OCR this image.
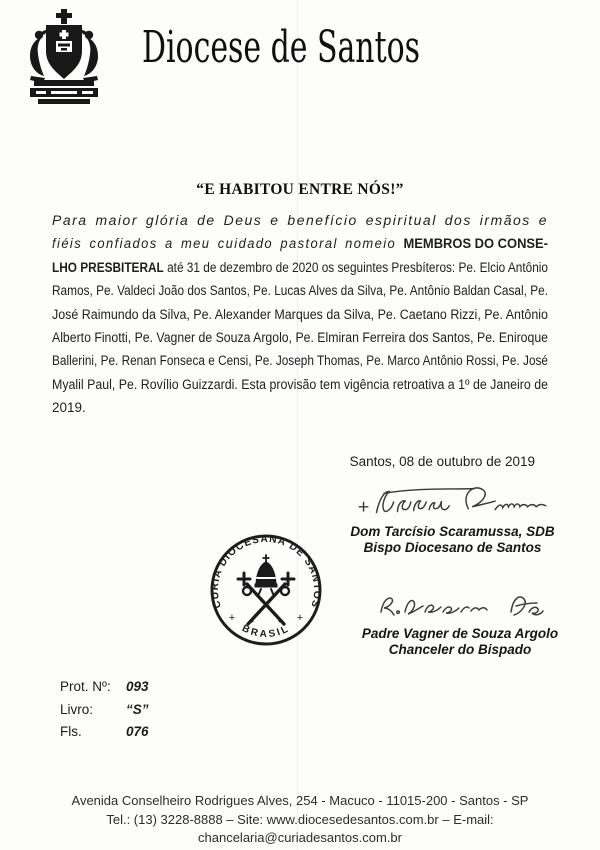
Diocese de Santos
“E HABITOU ENTRE NÓS!”
Para maior glória de Deus e benefício espiritual dos irmãos e
fiéis confiados a meu cuidado pastoral nomeio MEMBROS DO CONSE-
LHO PRESBITERAL até 31 de dezembro de 2020 os seguintes Presbíteros: Pe. Elcio Antônio
Ramos, Pe. Valdeci João dos Santos, Pe. Lucas Alves da Silva, Pe. Antônio Baldan Casal, Pe.
José Raimundo da Silva, Pe. Alexander Marques da Silva, Pe. Caetano Rizzi, Pe. Antônio
Alberto Finotti, Pe. Vagner de Souza Argolo, Pe. Elmiran Ferreira dos Santos, Pe. Eniroque
Ballerini, Pe. Renan Fonseca e Censi, Pe. Joseph Thomas, Pe. Marco Antônio Rossi, Pe. José
Myalil Paul, Pe. Rovílio Guizzardi. Esta provisão tem vigência retroativa a 1º de Janeiro de
2019.
Santos, 08 de outubro de 2019
Dom Tarcísio Scaramussa, SDB
Bispo Diocesano de Santos
CURIA DIOCESANA DE SANTOS
BRASIL
+	+
Padre Vagner de Souza Argolo
Chanceler do Bispado
Prot. Nº:	093
Livro:	“S”
Fls.	076
Avenida Conselheiro Rodrigues Alves, 254 - Macuco - 11015-200 - Santos - SP
Tel.: (13) 3228-8888 – Site: www.diocesedesantos.com.br – E-mail:
chancelaria@curiadesantos.com.br
